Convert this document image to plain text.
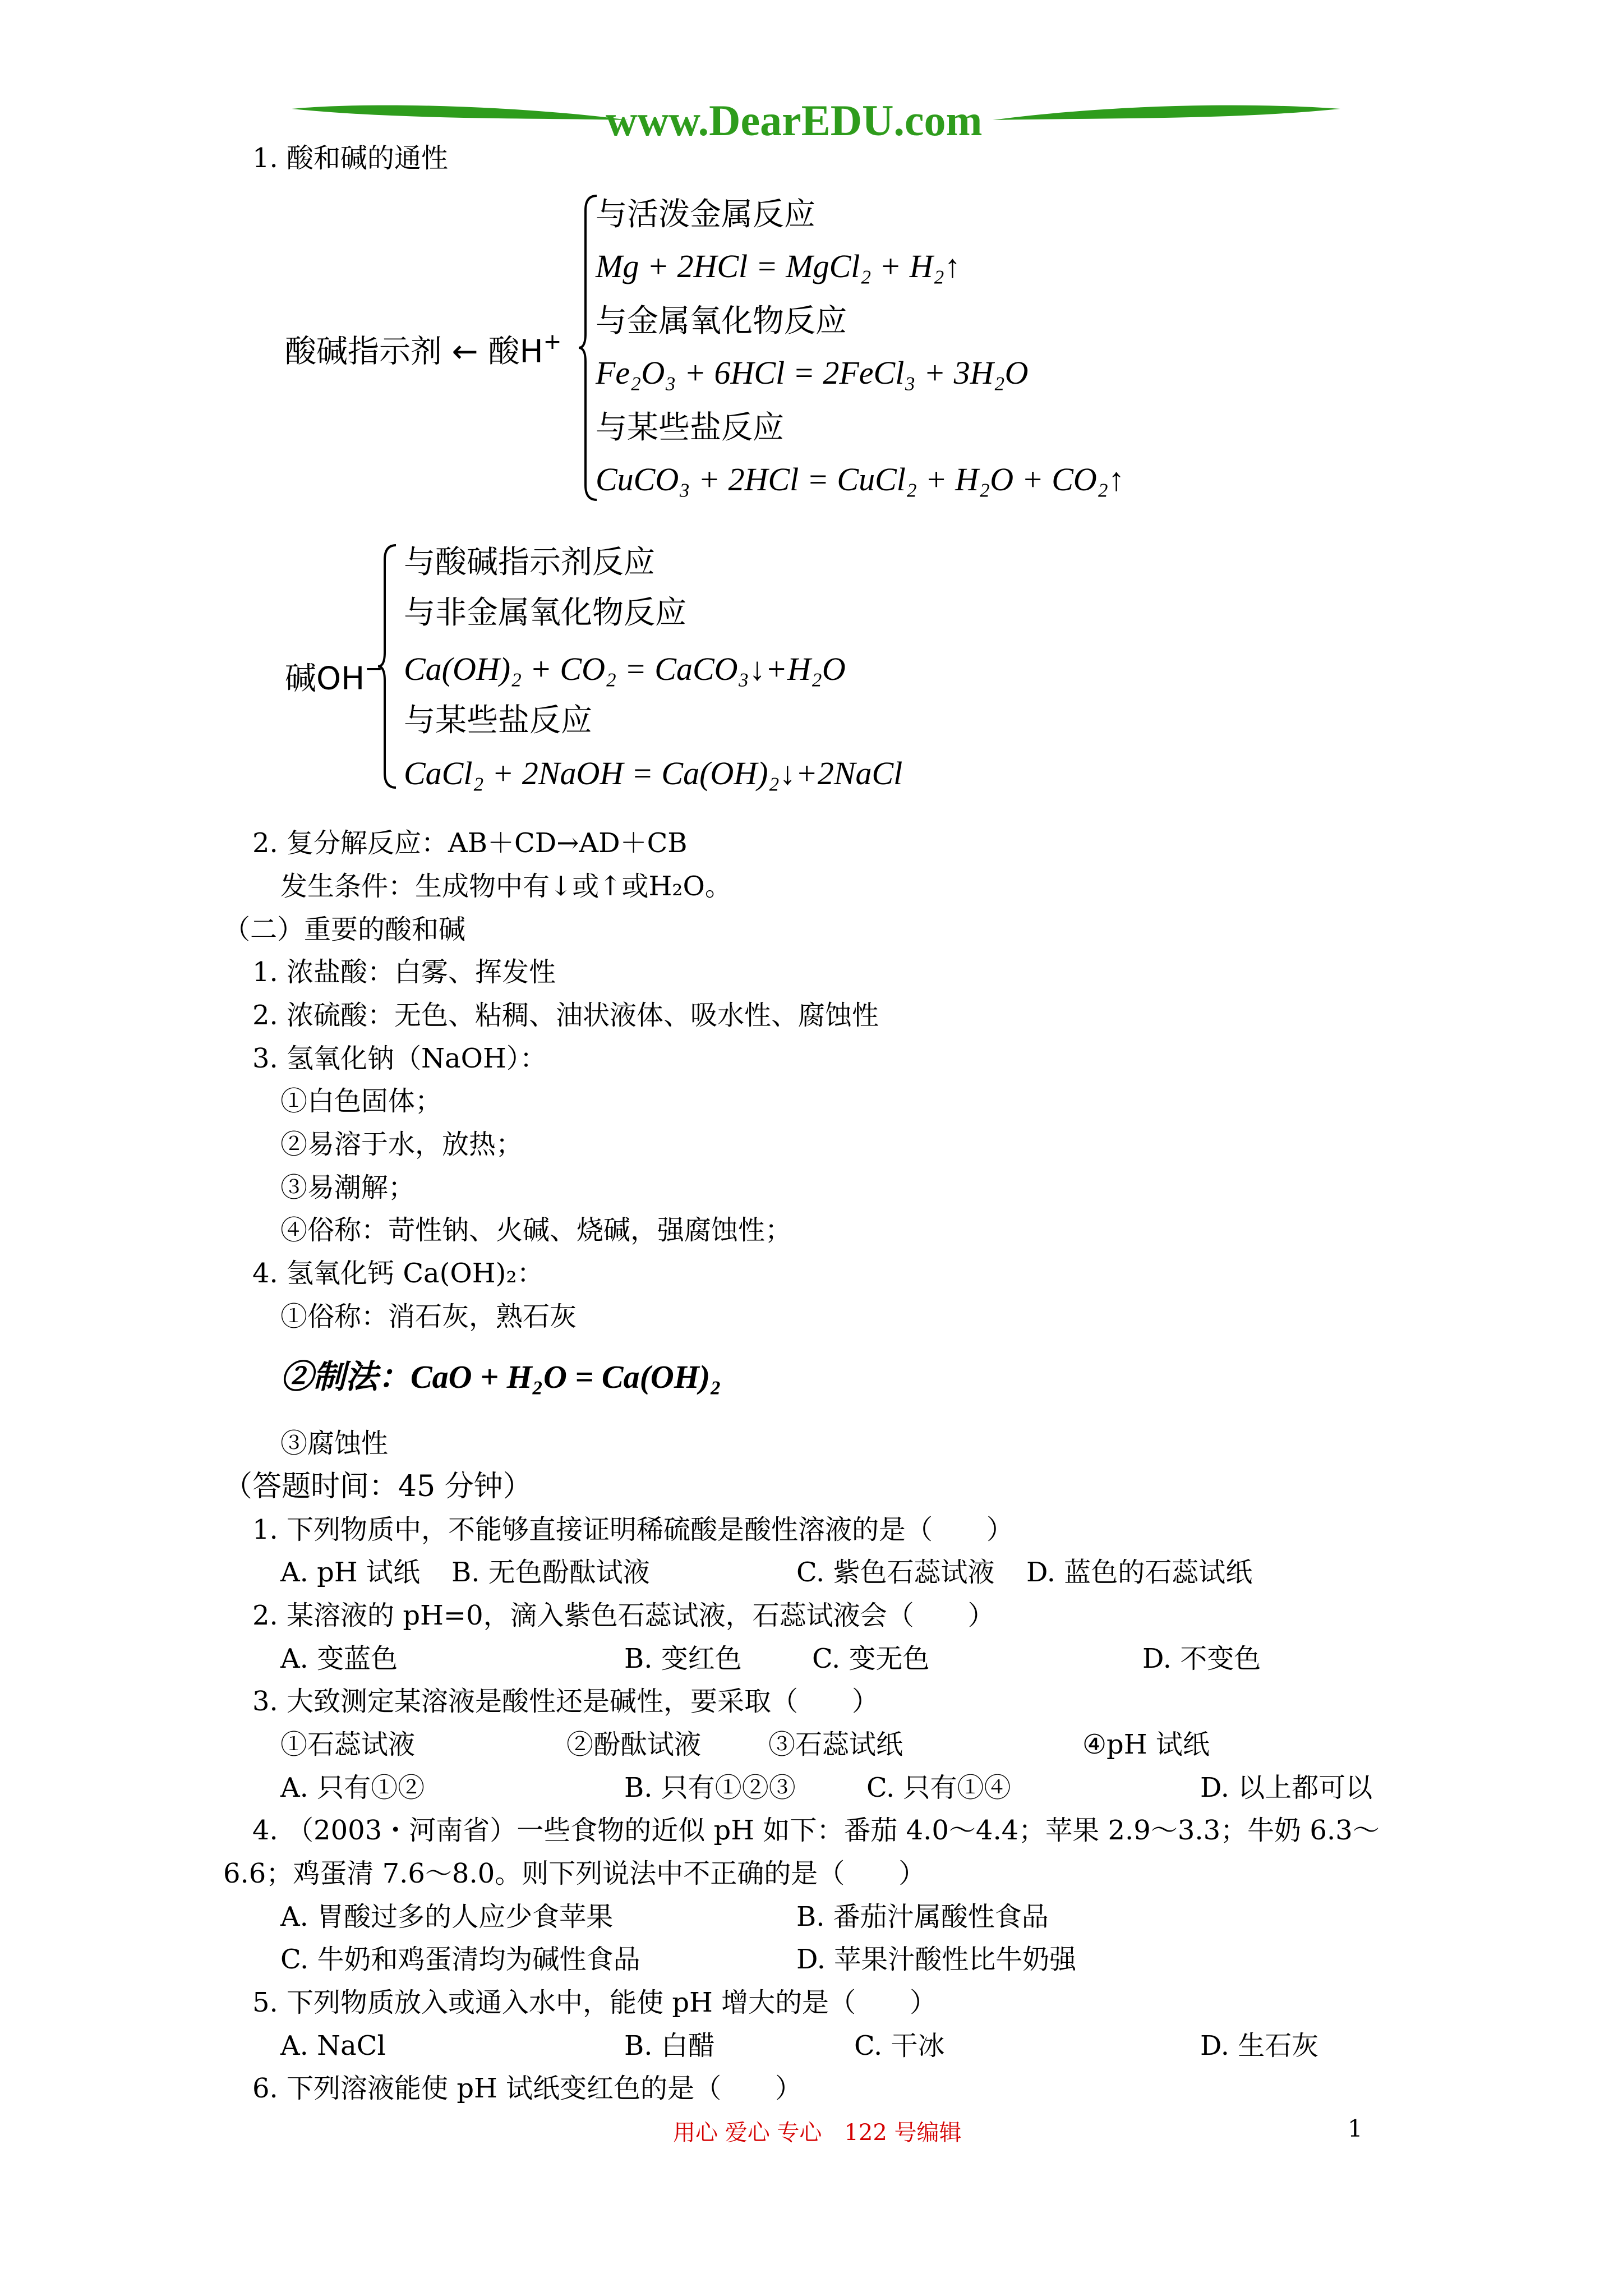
www.DearEDU.com
1. 酸和碱的通性
酸碱指示剂 ← 酸H+
与活泼金属反应
Mg + 2HCl = MgCl₂ + H₂↑
与金属氧化物反应
Fe₂O₃ + 6HCl = 2FeCl₃ + 3H₂O
与某些盐反应
CuCO₃ + 2HCl = CuCl₂ + H₂O + CO₂↑
碱OH−
与酸碱指示剂反应
与非金属氧化物反应
Ca(OH)₂ + CO₂ = CaCO₃↓+H₂O
与某些盐反应
CaCl₂ + 2NaOH = Ca(OH)₂↓+2NaCl
2. 复分解反应：AB＋CD→AD＋CB
发生条件：生成物中有↓或↑或H₂O。
（二）重要的酸和碱
1. 浓盐酸：白雾、挥发性
2. 浓硫酸：无色、粘稠、油状液体、吸水性、腐蚀性
3. 氢氧化钠（NaOH）：
①白色固体；
②易溶于水，放热；
③易潮解；
④俗称：苛性钠、火碱、烧碱，强腐蚀性；
4. 氢氧化钙 Ca(OH)₂：
①俗称：消石灰，熟石灰
②制法：CaO + H₂O = Ca(OH)₂
③腐蚀性
（答题时间：45 分钟）
1. 下列物质中，不能够直接证明稀硫酸是酸性溶液的是（　　）
A. pH 试纸 B. 无色酚酞试液	C. 紫色石蕊试液 D. 蓝色的石蕊试纸
2. 某溶液的 pH=0，滴入紫色石蕊试液，石蕊试液会（　　）
A. 变蓝色	B. 变红色	C. 变无色	D. 不变色
3. 大致测定某溶液是酸性还是碱性，要采取（　　）
①石蕊试液	②酚酞试液 ③石蕊试纸	④pH 试纸
A. 只有①②	B. 只有①②③	C. 只有①④	D. 以上都可以
4. （2003・河南省）一些食物的近似 pH 如下：番茄 4.0～4.4；苹果 2.9～3.3；牛奶 6.3～
6.6；鸡蛋清 7.6～8.0。则下列说法中不正确的是（　　）
A. 胃酸过多的人应少食苹果	B. 番茄汁属酸性食品
C. 牛奶和鸡蛋清均为碱性食品	D. 苹果汁酸性比牛奶强
5. 下列物质放入或通入水中，能使 pH 增大的是（　　）
A. NaCl	B. 白醋	C. 干冰	D. 生石灰
6. 下列溶液能使 pH 试纸变红色的是（　　）
用心 爱心 专心　122 号编辑	1
